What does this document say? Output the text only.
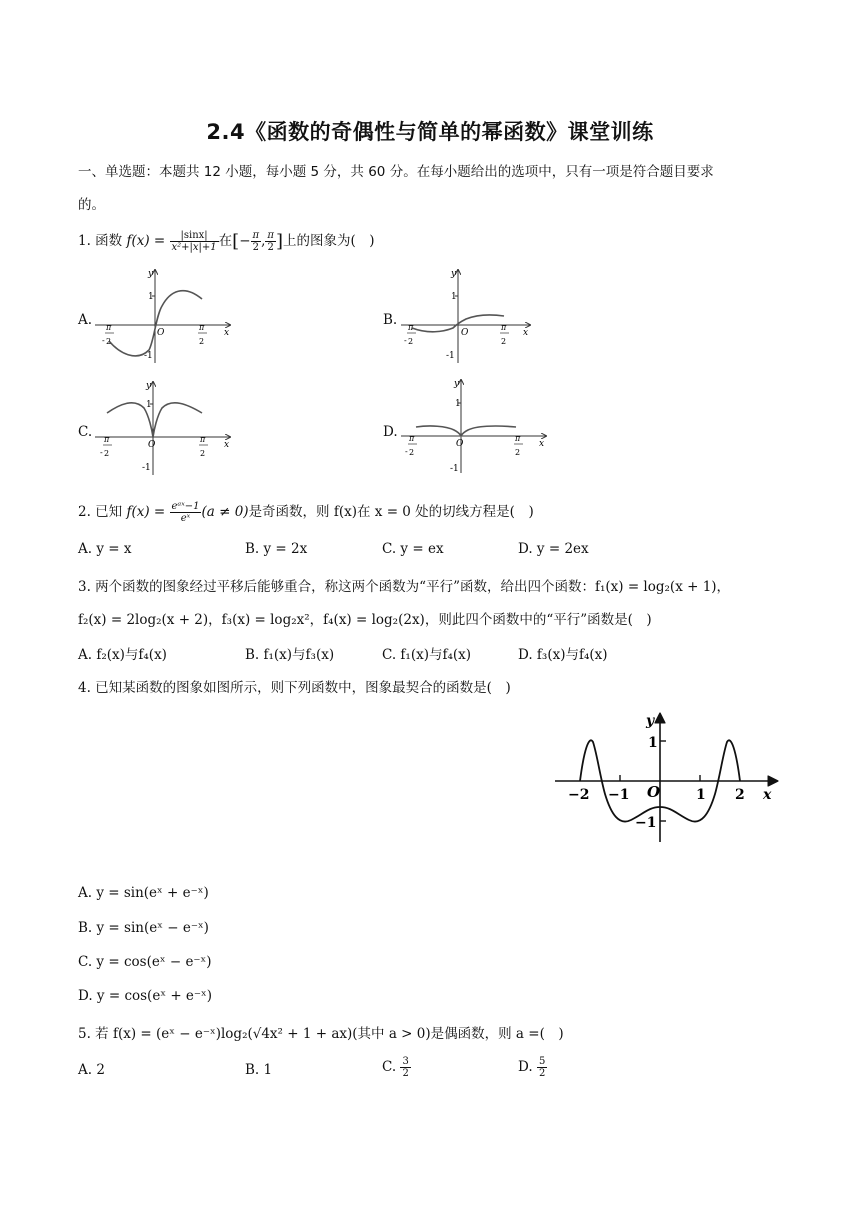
2.4《函数的奇偶性与简单的幂函数》课堂训练
一、单选题：本题共 12 小题，每小题 5 分，共 60 分。在每小题给出的选项中，只有一项是符合题目要求
的。
1. 函数 $f(x) = \frac{|\sin x|}{\text{x²+|x|+1}}$ 在[− $\frac{\pi}{2}$ , $\frac{\pi}{2}$ ]上的图象为(　)
A.	B.
C.	D.
y
1
-1
O	x
-
π
2
π
2
y
1
-1
O	x
-
π
2
π
2
y
1
-1
O	x
-
π
2
π
2
y
1
-1
O	x
-
π
2
π
2
2. 已知 $f(x) = \frac{\text{eᵃˣ−1}}{\text{eˣ}} (a \ne 0)$是奇函数，则 f(x)在 x = 0 处的切线方程是(　)
A. y = x	B. y = 2x	C. y = ex	D. y = 2ex
3. 两个函数的图象经过平移后能够重合，称这两个函数为“平行”函数，给出四个函数：f₁(x) = log₂(x + 1)，
f₂(x) = 2log₂(x + 2)，f₃(x) = log₂x²，f₄(x) = log₂(2x)，则此四个函数中的“平行”函数是(　)
A. f₂(x)与f₄(x)	B. f₁(x)与f₃(x)	C. f₁(x)与f₄(x)	D. f₃(x)与f₄(x)
4. 已知某函数的图象如图所示，则下列函数中，图象最契合的函数是(　)
y
1
−1
O
−2 −1	1 2 x
A. y = sin(eˣ + e⁻ˣ)
B. y = sin(eˣ − e⁻ˣ)
C. y = cos(eˣ − e⁻ˣ)
D. y = cos(eˣ + e⁻ˣ)
5. 若 f(x) = (eˣ − e⁻ˣ)log₂(√4x² + 1 + ax)(其中 a > 0)是偶函数，则 a =(　)
A. 2	B. 1	C. $\frac{3}{2}$	D. $\frac{5}{2}$
